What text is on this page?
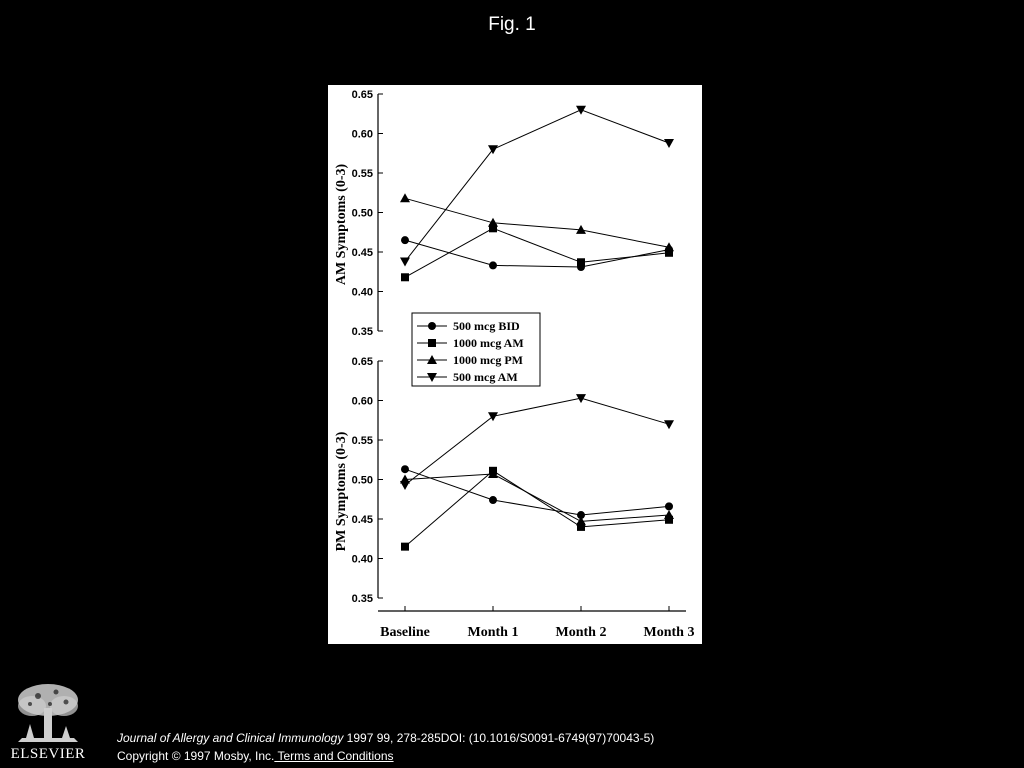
Fig. 1
0.35
0.40
0.45
0.50
0.55
0.60
0.65
AM Symptoms (0-3)
0.35
0.40
0.45
0.50
0.55
0.60
0.65
PM Symptoms (0-3)
Baseline	Month 1	Month 2	Month 3
500 mcg BID
1000 mcg AM
1000 mcg PM
500 mcg AM
ELSEVIER
Journal of Allergy and Clinical Immunology 1997 99, 278-285DOI: (10.1016/S0091-6749(97)70043-5)
Copyright © 1997 Mosby, Inc. Terms and Conditions
